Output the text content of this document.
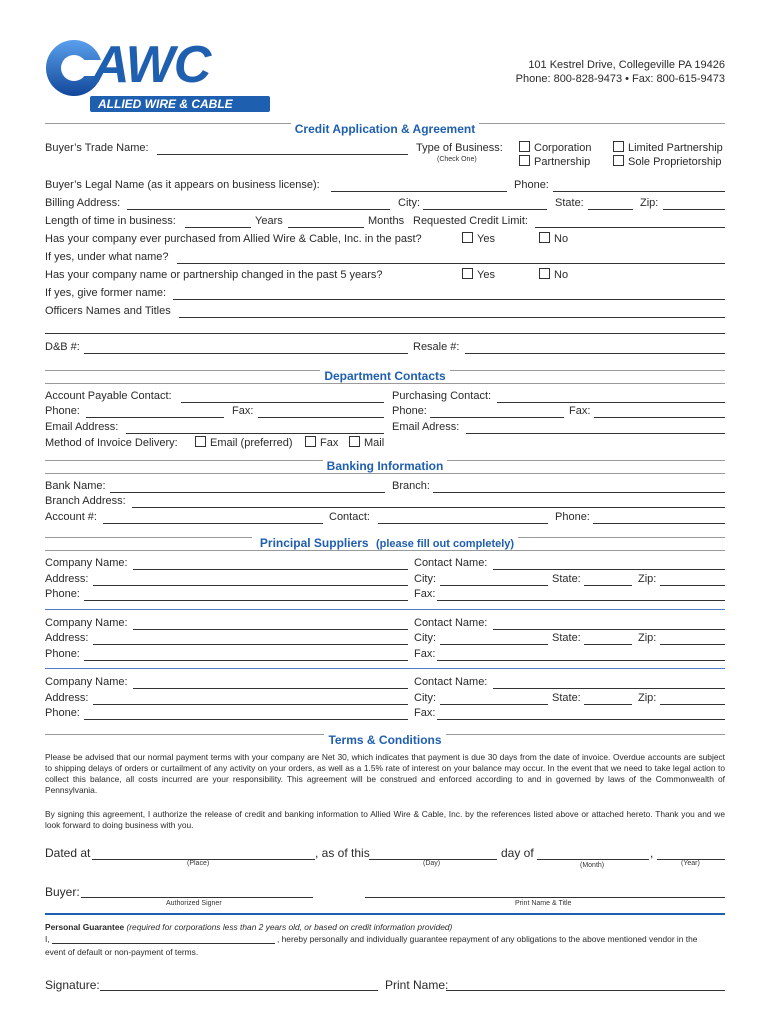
AWC
ALLIED WIRE & CABLE
101 Kestrel Drive, Collegeville PA 19426
Phone: 800-828-9473 • Fax: 800-615-9473
Credit Application & Agreement
Buyer’s Trade Name:	Type of Business:
(Check One)
Corporation
Partnership
Limited Partnership
Sole Proprietorship
Buyer’s Legal Name (as it appears on business license):	Phone:
Billing Address:	City:	State:	Zip:
Length of time in business:	Years	Months Requested Credit Limit:
Has your company ever purchased from Allied Wire & Cable, Inc. in the past?	Yes	No
If yes, under what name?
Has your company name or partnership changed in the past 5 years?	Yes	No
If yes, give former name:
Officers Names and Titles
D&B #:	Resale #:
Department Contacts
Account Payable Contact:	Purchasing Contact:
Phone:	Fax:	Phone:	Fax:
Email Address:	Email Adress:
Method of Invoice Delivery:	Email (preferred) Fax Mail
Banking Information
Bank Name:	Branch:
Branch Address:
Account #:	Contact:	Phone:
Principal Suppliers (please fill out completely)
Company Name:	Contact Name:
Address:	City:	State:	Zip:
Phone:	Fax:
Company Name:	Contact Name:
Address:	City:	State:	Zip:
Phone:	Fax:
Company Name:	Contact Name:
Address:	City:	State:	Zip:
Phone:	Fax:
Terms & Conditions
Please be advised that our normal payment terms with your company are Net 30, which indicates that payment is due 30 days from the date of invoice. Overdue accounts are subject to shipping delays of orders or curtailment of any activity on your orders, as well as a 1.5% rate of interest on your balance may occur. In the event that we need to take legal action to collect this balance, all costs incurred are your responsibility. This agreement will be construed and enforced according to and in governed by laws of the Commonwealth of Pennsylvania.
By signing this agreement, I authorize the release of credit and banking information to Allied Wire & Cable, Inc. by the references listed above or attached hereto. Thank you and we look forward to doing business with you.
Dated at
(Place)
, as of this
(Day)
day of
(Month)
,
(Year)
Buyer:
Authorized Signer	Print Name & Title
Personal Guarantee (required for corporations less than 2 years old, or based on credit information provided)
I,	, hereby personally and individually guarantee repayment of any obligations to the above mentioned vendor in the
event of default or non-payment of terms.
Signature:	Print Name:
